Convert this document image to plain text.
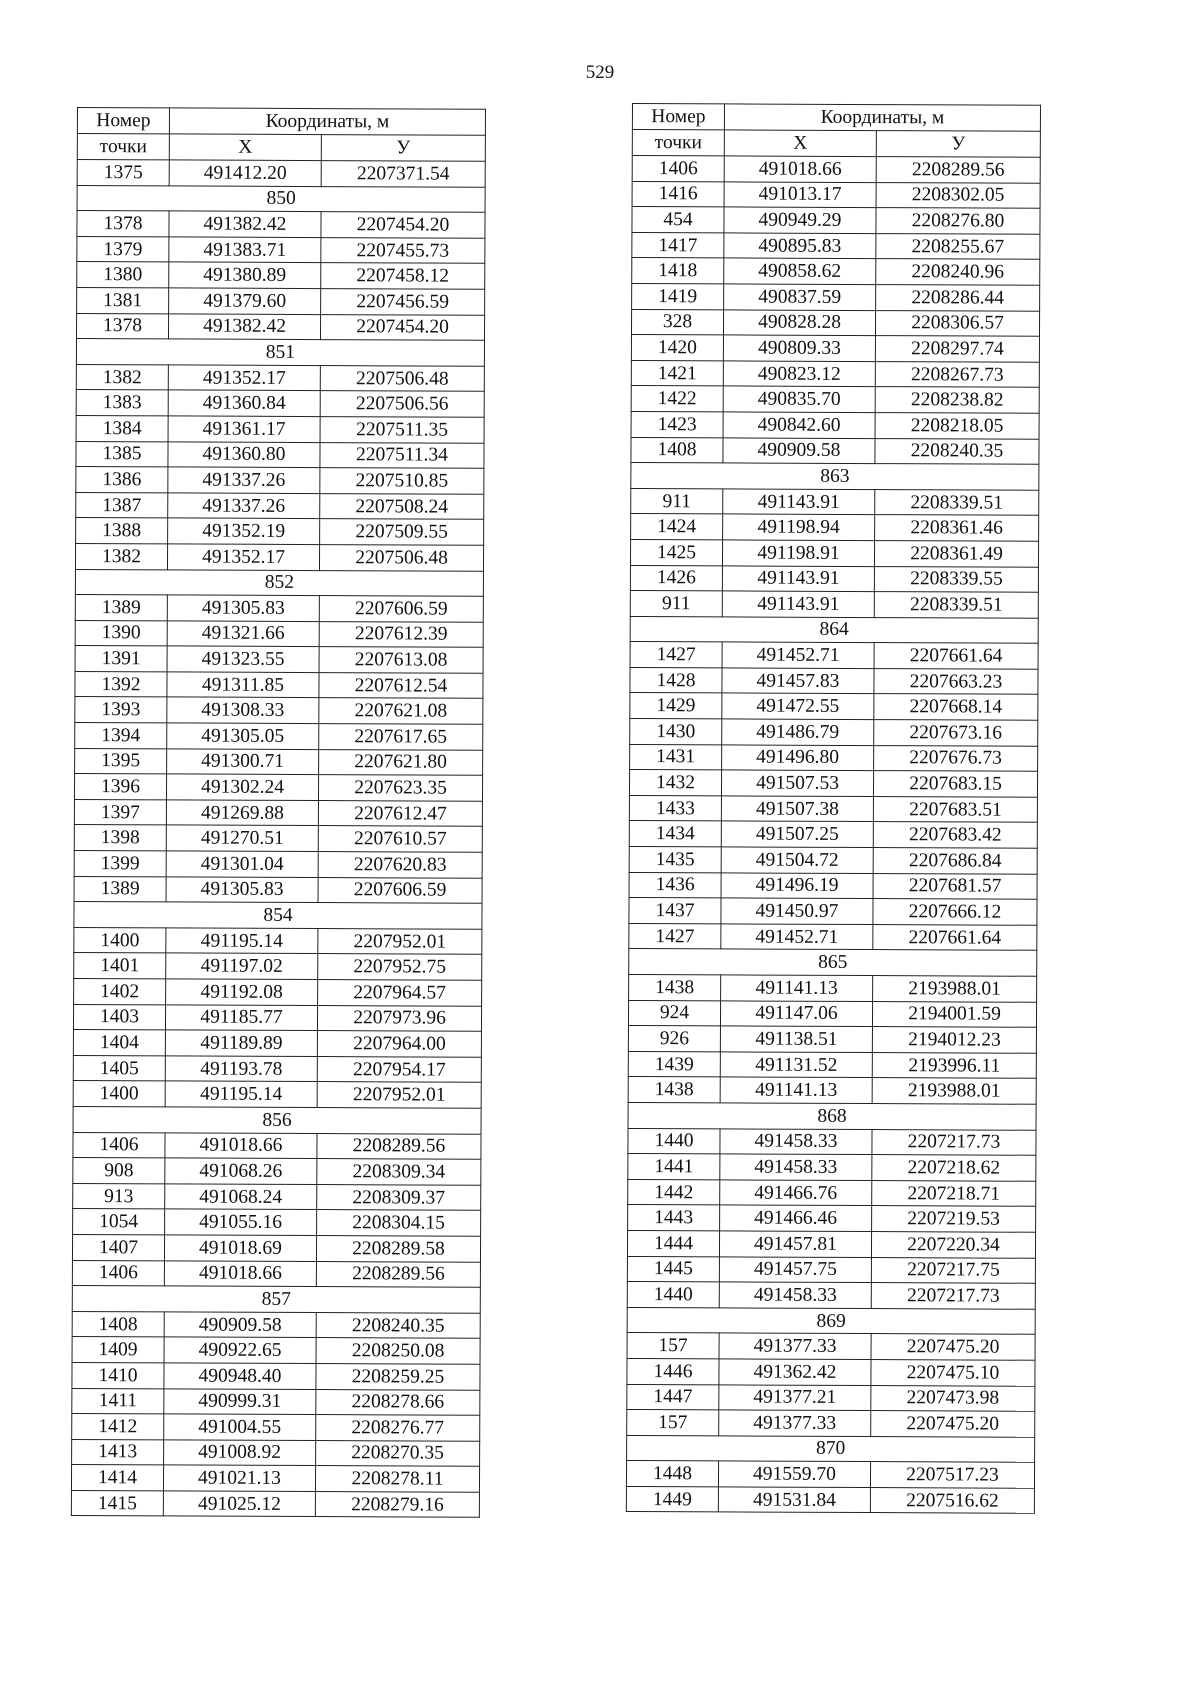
529
Номер	Координаты, м	
точки	X	У
1375	491412.20	2207371.54
850		
1378	491382.42	2207454.20
1379	491383.71	2207455.73
1380	491380.89	2207458.12
1381	491379.60	2207456.59
1378	491382.42	2207454.20
851		
1382	491352.17	2207506.48
1383	491360.84	2207506.56
1384	491361.17	2207511.35
1385	491360.80	2207511.34
1386	491337.26	2207510.85
1387	491337.26	2207508.24
1388	491352.19	2207509.55
1382	491352.17	2207506.48
852		
1389	491305.83	2207606.59
1390	491321.66	2207612.39
1391	491323.55	2207613.08
1392	491311.85	2207612.54
1393	491308.33	2207621.08
1394	491305.05	2207617.65
1395	491300.71	2207621.80
1396	491302.24	2207623.35
1397	491269.88	2207612.47
1398	491270.51	2207610.57
1399	491301.04	2207620.83
1389	491305.83	2207606.59
854		
1400	491195.14	2207952.01
1401	491197.02	2207952.75
1402	491192.08	2207964.57
1403	491185.77	2207973.96
1404	491189.89	2207964.00
1405	491193.78	2207954.17
1400	491195.14	2207952.01
856		
1406	491018.66	2208289.56
908	491068.26	2208309.34
913	491068.24	2208309.37
1054	491055.16	2208304.15
1407	491018.69	2208289.58
1406	491018.66	2208289.56
857		
1408	490909.58	2208240.35
1409	490922.65	2208250.08
1410	490948.40	2208259.25
1411	490999.31	2208278.66
1412	491004.55	2208276.77
1413	491008.92	2208270.35
1414	491021.13	2208278.11
1415	491025.12	2208279.16
Номер	Координаты, м	
точки	X	У
1406	491018.66	2208289.56
1416	491013.17	2208302.05
454	490949.29	2208276.80
1417	490895.83	2208255.67
1418	490858.62	2208240.96
1419	490837.59	2208286.44
328	490828.28	2208306.57
1420	490809.33	2208297.74
1421	490823.12	2208267.73
1422	490835.70	2208238.82
1423	490842.60	2208218.05
1408	490909.58	2208240.35
863		
911	491143.91	2208339.51
1424	491198.94	2208361.46
1425	491198.91	2208361.49
1426	491143.91	2208339.55
911	491143.91	2208339.51
864		
1427	491452.71	2207661.64
1428	491457.83	2207663.23
1429	491472.55	2207668.14
1430	491486.79	2207673.16
1431	491496.80	2207676.73
1432	491507.53	2207683.15
1433	491507.38	2207683.51
1434	491507.25	2207683.42
1435	491504.72	2207686.84
1436	491496.19	2207681.57
1437	491450.97	2207666.12
1427	491452.71	2207661.64
865		
1438	491141.13	2193988.01
924	491147.06	2194001.59
926	491138.51	2194012.23
1439	491131.52	2193996.11
1438	491141.13	2193988.01
868		
1440	491458.33	2207217.73
1441	491458.33	2207218.62
1442	491466.76	2207218.71
1443	491466.46	2207219.53
1444	491457.81	2207220.34
1445	491457.75	2207217.75
1440	491458.33	2207217.73
869		
157	491377.33	2207475.20
1446	491362.42	2207475.10
1447	491377.21	2207473.98
157	491377.33	2207475.20
870		
1448	491559.70	2207517.23
1449	491531.84	2207516.62
